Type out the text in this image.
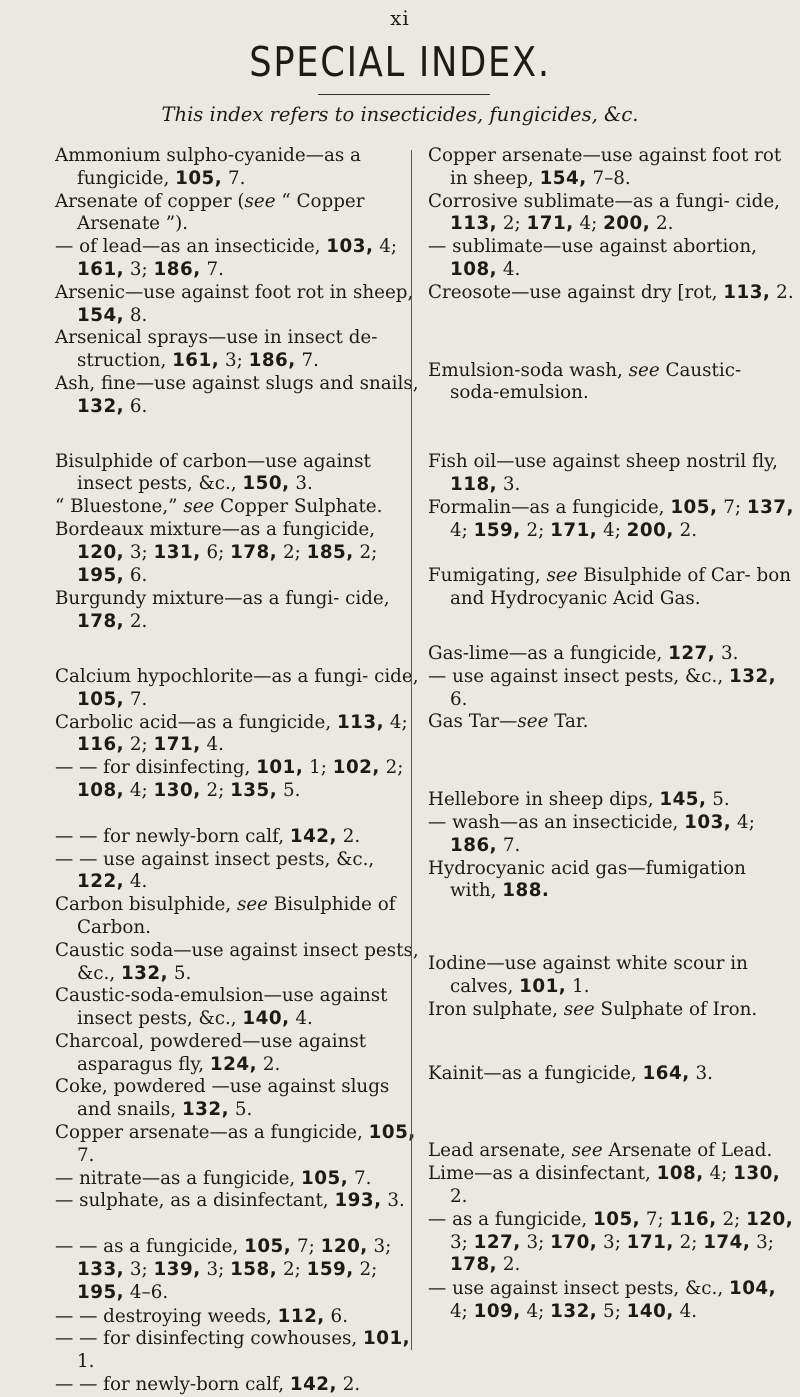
xi
SPECIAL INDEX.
This index refers to insecticides, fungicides, &c.
Ammonium sulpho-cyanide—as a fungicide, 105, 7.
Arsenate of copper (see “ Copper Arsenate ”).
— of lead—as an insecticide, 103, 4; 161, 3; 186, 7.
Arsenic—use against foot rot in sheep, 154, 8.
Arsenical sprays—use in insect de- struction, 161, 3; 186, 7.
Ash, fine—use against slugs and snails, 132, 6.
Bisulphide of carbon—use against insect pests, &c., 150, 3.
“ Bluestone,” see Copper Sulphate.
Bordeaux mixture—as a fungicide, 120, 3; 131, 6; 178, 2; 185, 2; 195, 6.
Burgundy mixture—as a fungi- cide, 178, 2.
Calcium hypochlorite—as a fungi- cide, 105, 7.
Carbolic acid—as a fungicide, 113, 4; 116, 2; 171, 4.
— — for disinfecting, 101, 1; 102, 2; 108, 4; 130, 2; 135, 5.
— — for newly-born calf, 142, 2.
— — use against insect pests, &c., 122, 4.
Carbon bisulphide, see Bisulphide of Carbon.
Caustic soda—use against insect pests, &c., 132, 5.
Caustic-soda-emulsion—use against insect pests, &c., 140, 4.
Charcoal, powdered—use against asparagus fly, 124, 2.
Coke, powdered —use against slugs and snails, 132, 5.
Copper arsenate—as a fungicide, 105, 7.
— nitrate—as a fungicide, 105, 7.
— sulphate, as a disinfectant, 193, 3.
— — as a fungicide, 105, 7; 120, 3; 133, 3; 139, 3; 158, 2; 159, 2; 195, 4–6.
— — destroying weeds, 112, 6.
— — for disinfecting cowhouses, 101, 1.
— — for newly-born calf, 142, 2.
Copper arsenate—use against foot rot in sheep, 154, 7–8.
Corrosive sublimate—as a fungi- cide, 113, 2; 171, 4; 200, 2.
— sublimate—use against abortion, 108, 4.
Creosote—use against dry [rot, 113, 2.
Emulsion-soda wash, see Caustic- soda-emulsion.
Fish oil—use against sheep nostril fly, 118, 3.
Formalin—as a fungicide, 105, 7; 137, 4; 159, 2; 171, 4; 200, 2.
Fumigating, see Bisulphide of Car- bon and Hydrocyanic Acid Gas.
Gas-lime—as a fungicide, 127, 3.
— use against insect pests, &c., 132, 6.
Gas Tar—see Tar.
Hellebore in sheep dips, 145, 5.
— wash—as an insecticide, 103, 4; 186, 7.
Hydrocyanic acid gas—fumigation with, 188.
Iodine—use against white scour in calves, 101, 1.
Iron sulphate, see Sulphate of Iron.
Kainit—as a fungicide, 164, 3.
Lead arsenate, see Arsenate of Lead.
Lime—as a disinfectant, 108, 4; 130, 2.
— as a fungicide, 105, 7; 116, 2; 120, 3; 127, 3; 170, 3; 171, 2; 174, 3; 178, 2.
— use against insect pests, &c., 104, 4; 109, 4; 132, 5; 140, 4.
